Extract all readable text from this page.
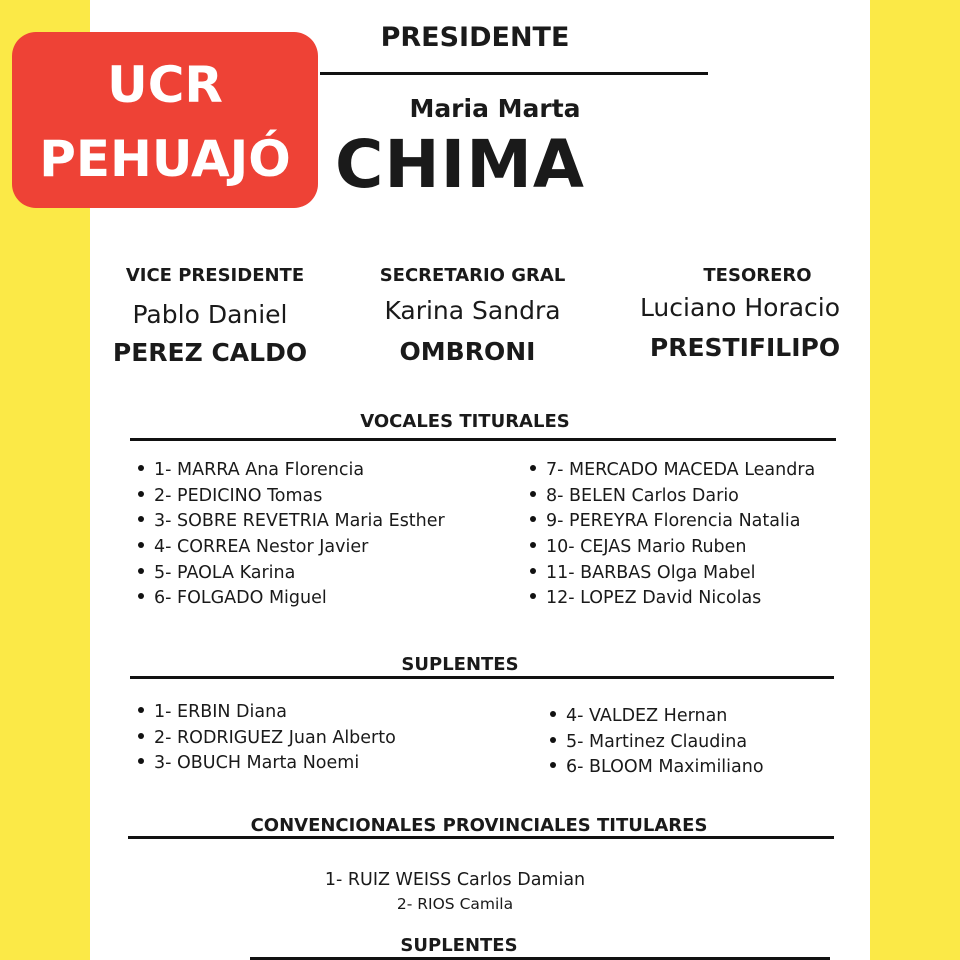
UCR
PEHUAJÓ
PRESIDENTE
Maria Marta
CHIMA
VICE PRESIDENTE
Pablo Daniel
PEREZ CALDO
SECRETARIO GRAL
Karina Sandra
OMBRONI
TESORERO
Luciano Horacio
PRESTIFILIPO
VOCALES TITURALES
1- MARRA Ana Florencia
2- PEDICINO Tomas
3- SOBRE REVETRIA Maria Esther
4- CORREA Nestor Javier
5- PAOLA Karina
6- FOLGADO Miguel
7- MERCADO MACEDA Leandra
8- BELEN Carlos Dario
9- PEREYRA Florencia Natalia
10- CEJAS Mario Ruben
11- BARBAS Olga Mabel
12- LOPEZ David Nicolas
SUPLENTES
1- ERBIN Diana
2- RODRIGUEZ Juan Alberto
3- OBUCH Marta Noemi
4- VALDEZ Hernan
5- Martinez Claudina
6- BLOOM Maximiliano
CONVENCIONALES PROVINCIALES TITULARES
1- RUIZ WEISS Carlos Damian
2- RIOS Camila
SUPLENTES
